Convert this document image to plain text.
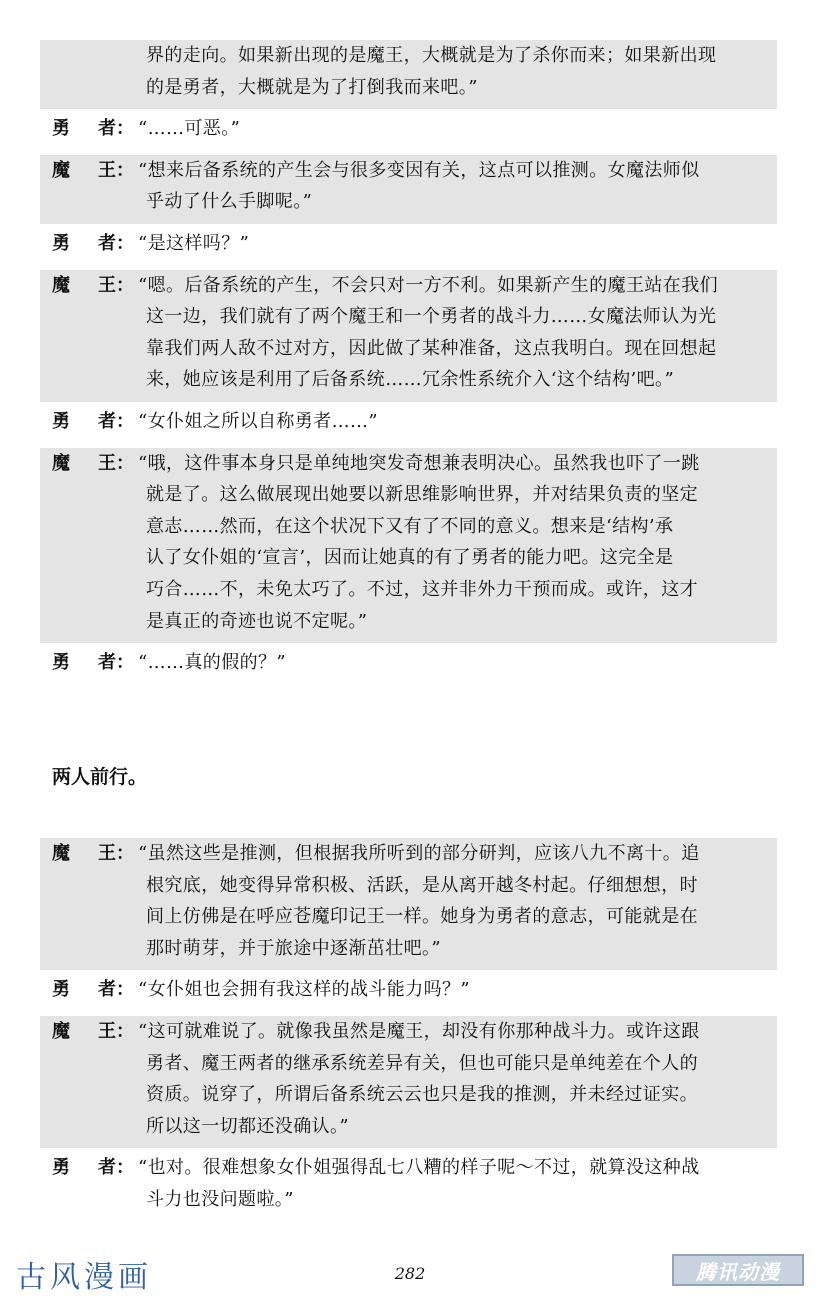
界的走向。如果新出现的是魔王，大概就是为了杀你而来；如果新出现
的是勇者，大概就是为了打倒我而来吧。”
勇 者： “……可恶。”
魔 王： “想来后备系统的产生会与很多变因有关，这点可以推测。女魔法师似
乎动了什么手脚呢。”
勇 者： “是这样吗？”
魔 王： “嗯。后备系统的产生，不会只对一方不利。如果新产生的魔王站在我们
这一边，我们就有了两个魔王和一个勇者的战斗力……女魔法师认为光
靠我们两人敌不过对方，因此做了某种准备，这点我明白。现在回想起
来，她应该是利用了后备系统……冗余性系统介入‘这个结构’吧。”
勇 者： “女仆姐之所以自称勇者……”
魔 王： “哦，这件事本身只是单纯地突发奇想兼表明决心。虽然我也吓了一跳
就是了。这么做展现出她要以新思维影响世界，并对结果负责的坚定
意志……然而，在这个状况下又有了不同的意义。想来是‘结构’承
认了女仆姐的‘宣言’，因而让她真的有了勇者的能力吧。这完全是
巧合……不，未免太巧了。不过，这并非外力干预而成。或许，这才
是真正的奇迹也说不定呢。”
勇 者： “……真的假的？”
两人前行。
魔 王： “虽然这些是推测，但根据我所听到的部分研判，应该八九不离十。追
根究底，她变得异常积极、活跃，是从离开越冬村起。仔细想想，时
间上仿佛是在呼应苍魔印记王一样。她身为勇者的意志，可能就是在
那时萌芽，并于旅途中逐渐茁壮吧。”
勇 者： “女仆姐也会拥有我这样的战斗能力吗？”
魔 王： “这可就难说了。就像我虽然是魔王，却没有你那种战斗力。或许这跟
勇者、魔王两者的继承系统差异有关，但也可能只是单纯差在个人的
资质。说穿了，所谓后备系统云云也只是我的推测，并未经过证实。
所以这一切都还没确认。”
勇 者： “也对。很难想象女仆姐强得乱七八糟的样子呢～不过，就算没这种战
斗力也没问题啦。”
古风漫画	282	腾讯动漫
